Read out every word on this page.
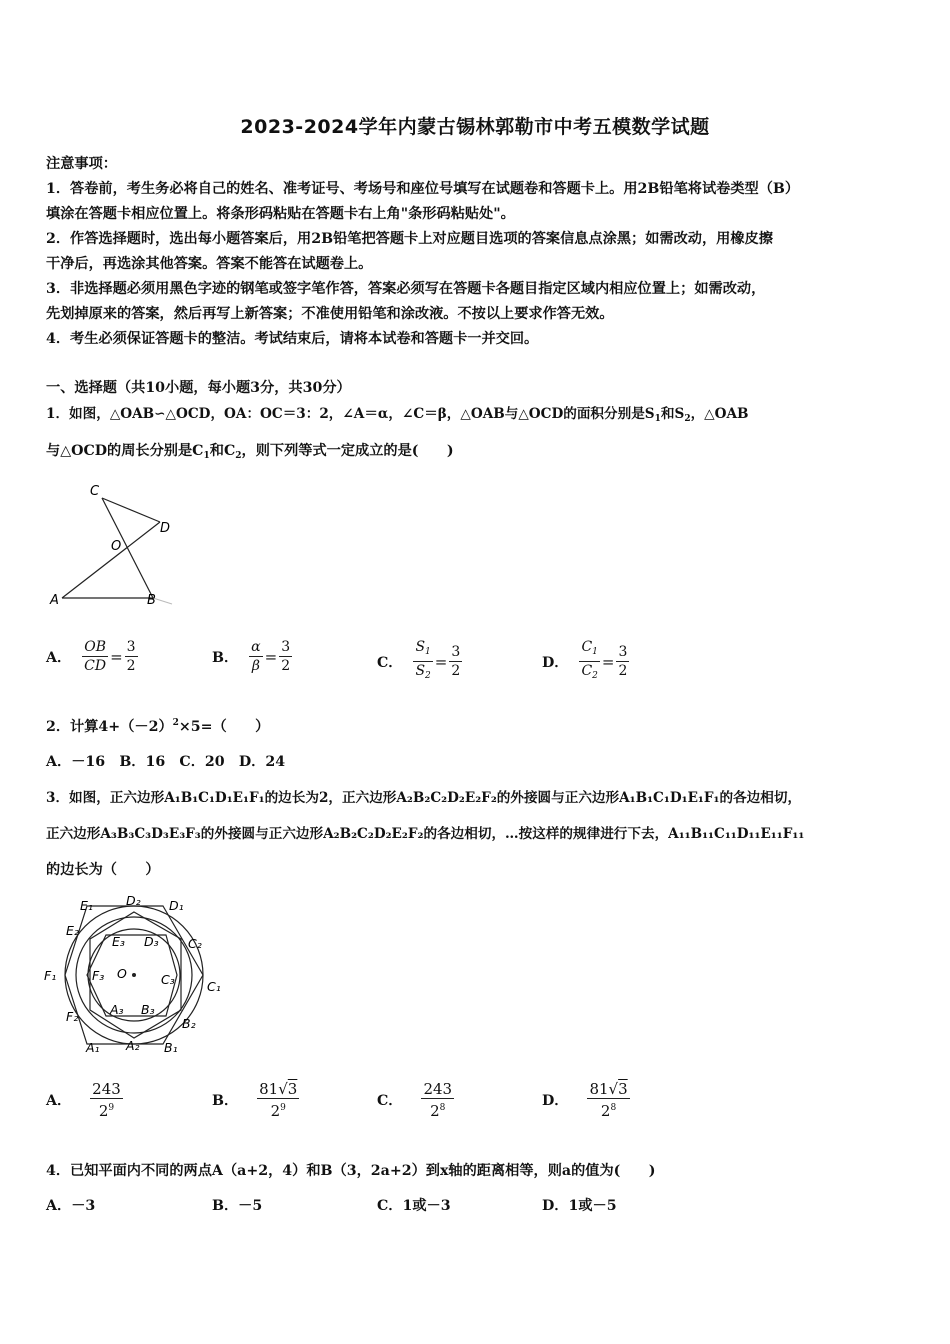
2023-2024学年内蒙古锡林郭勒市中考五模数学试题
注意事项：
1．答卷前，考生务必将自己的姓名、准考证号、考场号和座位号填写在试题卷和答题卡上。用2B铅笔将试卷类型（B）
填涂在答题卡相应位置上。将条形码粘贴在答题卡右上角"条形码粘贴处"。
2．作答选择题时，选出每小题答案后，用2B铅笔把答题卡上对应题目选项的答案信息点涂黑；如需改动，用橡皮擦
干净后，再选涂其他答案。答案不能答在试题卷上。
3．非选择题必须用黑色字迹的钢笔或签字笔作答，答案必须写在答题卡各题目指定区域内相应位置上；如需改动，
先划掉原来的答案，然后再写上新答案；不准使用铅笔和涂改液。不按以上要求作答无效。
4．考生必须保证答题卡的整洁。考试结束后，请将本试卷和答题卡一并交回。
一、选择题（共10小题，每小题3分，共30分）
1．如图，△OAB∽△OCD，OA：OC＝3：2，∠A＝α，∠C＝β，△OAB与△OCD的面积分别是$S_1$和$S_2$，△OAB
与△OCD的周长分别是$C_1$和$C_2$，则下列等式一定成立的是(　　)
C
D
O
A	B
A． $\frac{OB}{CD} = \frac{3}{2}$	B． $\frac{\alpha}{\beta} = \frac{3}{2}$	C． $\frac{S_1}{S_2} = \frac{3}{2}$	D． $\frac{C_1}{C_2} = \frac{3}{2}$
2．计算$4+(-2)^2\times 5=$（　　）
A．－16　B．16　C．20　D．24
3．如图，正六边形A₁B₁C₁D₁E₁F₁的边长为2，正六边形A₂B₂C₂D₂E₂F₂的外接圆与正六边形A₁B₁C₁D₁E₁F₁的各边相切，
正六边形A₃B₃C₃D₃E₃F₃的外接圆与正六边形A₂B₂C₂D₂E₂F₂的各边相切，…按这样的规律进行下去，A₁₁B₁₁C₁₁D₁₁E₁₁F₁₁
的边长为（　　）
E₁	D₂ D₁
E₂
E₃ D₃ C₂
F₁	F₃ O	C₃	C₁
F₂	A₃ B₃
B₂
A₁ A₂ B₁
A． $\frac{243}{2^9}$	B． $\frac{81√3}{2^9}$	C． $\frac{243}{2^8}$	D． $\frac{81√3}{2^8}$
4．已知平面内不同的两点A（a+2，4）和B（3，2a+2）到x轴的距离相等，则a的值为(　　)
A．－3	B．－5	C．1或－3	D．1或－5
